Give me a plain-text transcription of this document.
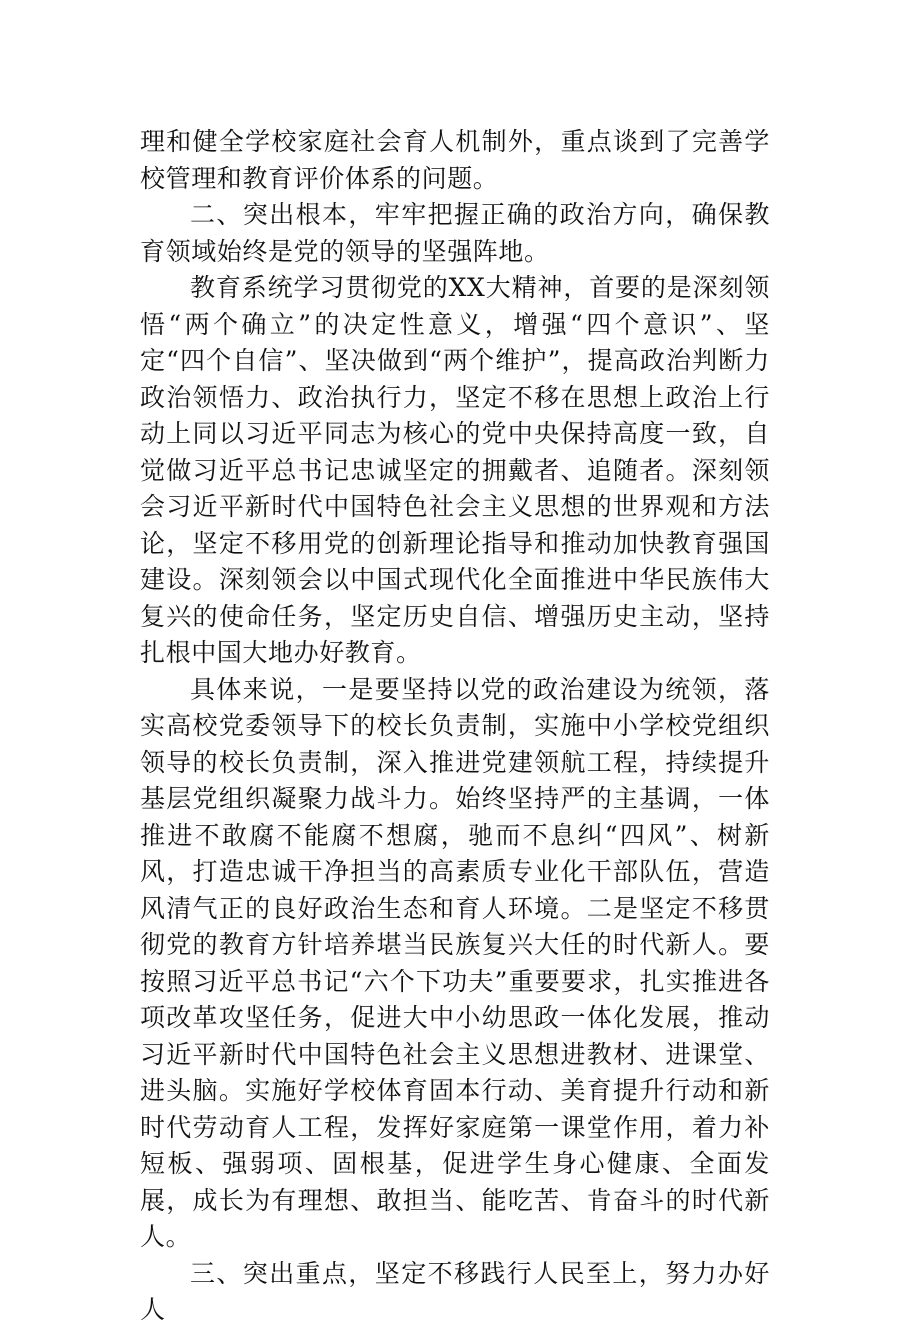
理和健全学校家庭社会育人机制外，重点谈到了完善学校管理和教育评价体系的问题。

二、突出根本，牢牢把握正确的政治方向，确保教育领域始终是党的领导的坚强阵地。

教育系统学习贯彻党的XX大精神，首要的是深刻领悟“两个确立”的决定性意义，增强“四个意识”、坚定“四个自信”、坚决做到“两个维护”，提高政治判断力政治领悟力、政治执行力，坚定不移在思想上政治上行动上同以习近平同志为核心的党中央保持高度一致，自觉做习近平总书记忠诚坚定的拥戴者、追随者。深刻领会习近平新时代中国特色社会主义思想的世界观和方法论，坚定不移用党的创新理论指导和推动加快教育强国建设。深刻领会以中国式现代化全面推进中华民族伟大复兴的使命任务，坚定历史自信、增强历史主动，坚持扎根中国大地办好教育。

具体来说，一是要坚持以党的政治建设为统领，落实高校党委领导下的校长负责制，实施中小学校党组织领导的校长负责制，深入推进党建领航工程，持续提升基层党组织凝聚力战斗力。始终坚持严的主基调，一体推进不敢腐不能腐不想腐，驰而不息纠“四风”、树新风，打造忠诚干净担当的高素质专业化干部队伍，营造风清气正的良好政治生态和育人环境。二是坚定不移贯彻党的教育方针培养堪当民族复兴大任的时代新人。要按照习近平总书记“六个下功夫”重要要求，扎实推进各项改革攻坚任务，促进大中小幼思政一体化发展，推动习近平新时代中国特色社会主义思想进教材、进课堂、进头脑。实施好学校体育固本行动、美育提升行动和新时代劳动育人工程，发挥好家庭第一课堂作用，着力补短板、强弱项、固根基，促进学生身心健康、全面发展，成长为有理想、敢担当、能吃苦、肯奋斗的时代新人。

三、突出重点，坚定不移践行人民至上，努力办好人
